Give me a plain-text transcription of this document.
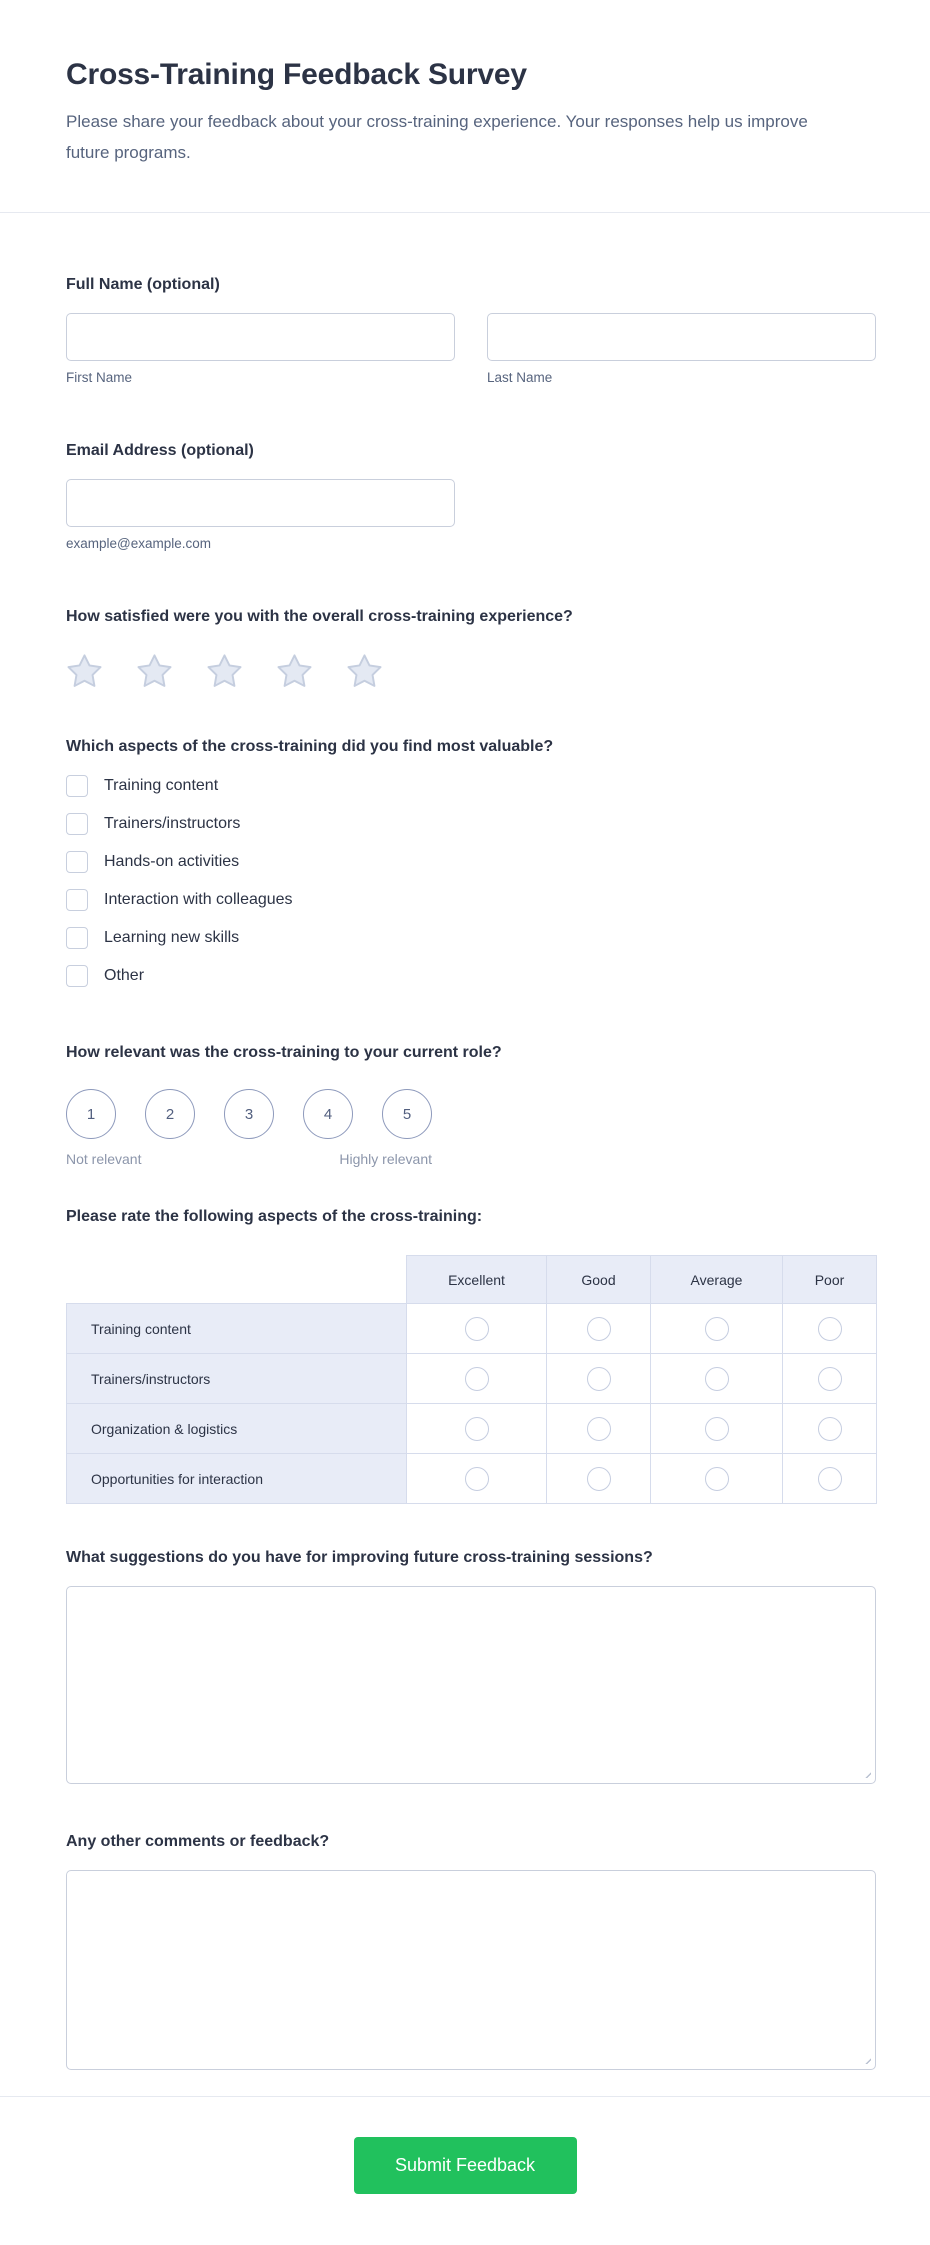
Cross-Training Feedback Survey

Please share your feedback about your cross-training experience. Your responses help us improve future programs.

Full Name (optional)
First Name	Last Name
Email Address (optional)
example@example.com
How satisfied were you with the overall cross-training experience?
Which aspects of the cross-training did you find most valuable?
Training content
Trainers/instructors
Hands-on activities
Interaction with colleagues
Learning new skills
Other
How relevant was the cross-training to your current role?
1	2	3	4	5
Not relevant	Highly relevant
Please rate the following aspects of the cross-training:
	Excellent	Good	Average	Poor
Training content				
Trainers/instructors				
Organization & logistics				
Opportunities for interaction				
What suggestions do you have for improving future cross-training sessions?
Any other comments or feedback?
Submit Feedback
